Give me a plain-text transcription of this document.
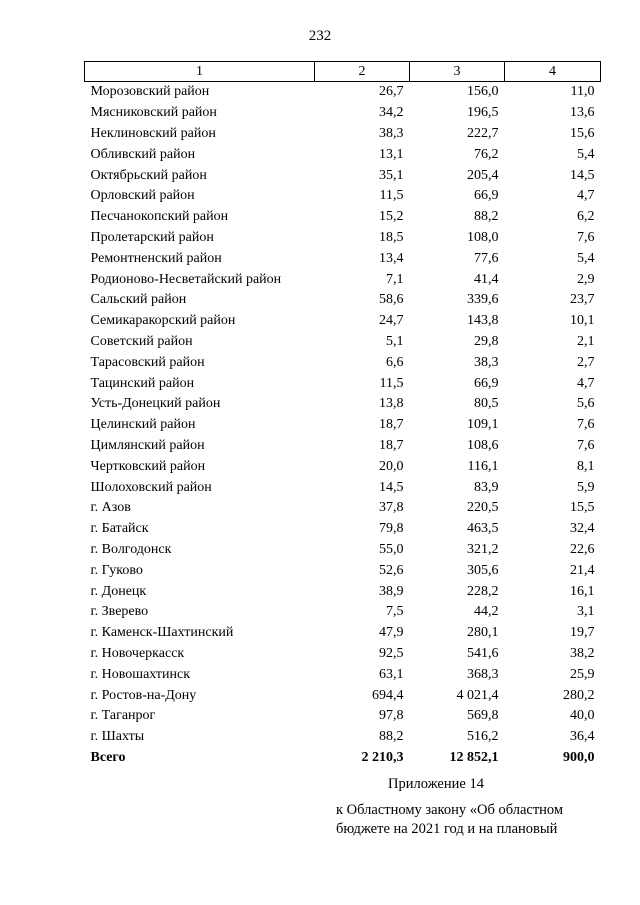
232
1	2	3	4
Морозовский район	26,7	156,0	11,0
Мясниковский район	34,2	196,5	13,6
Неклиновский район	38,3	222,7	15,6
Обливский район	13,1	76,2	5,4
Октябрьский район	35,1	205,4	14,5
Орловский район	11,5	66,9	4,7
Песчанокопский район	15,2	88,2	6,2
Пролетарский район	18,5	108,0	7,6
Ремонтненский район	13,4	77,6	5,4
Родионово-Несветайский район	7,1	41,4	2,9
Сальский район	58,6	339,6	23,7
Семикаракорский район	24,7	143,8	10,1
Советский район	5,1	29,8	2,1
Тарасовский район	6,6	38,3	2,7
Тацинский район	11,5	66,9	4,7
Усть-Донецкий район	13,8	80,5	5,6
Целинский район	18,7	109,1	7,6
Цимлянский район	18,7	108,6	7,6
Чертковский район	20,0	116,1	8,1
Шолоховский район	14,5	83,9	5,9
г. Азов	37,8	220,5	15,5
г. Батайск	79,8	463,5	32,4
г. Волгодонск	55,0	321,2	22,6
г. Гуково	52,6	305,6	21,4
г. Донецк	38,9	228,2	16,1
г. Зверево	7,5	44,2	3,1
г. Каменск-Шахтинский	47,9	280,1	19,7
г. Новочеркасск	92,5	541,6	38,2
г. Новошахтинск	63,1	368,3	25,9
г. Ростов-на-Дону	694,4	4 021,4	280,2
г. Таганрог	97,8	569,8	40,0
г. Шахты	88,2	516,2	36,4
Всего	2 210,3	12 852,1	900,0
Приложение 14
к Областному закону «Об областном
бюджете на 2021 год и на плановый
